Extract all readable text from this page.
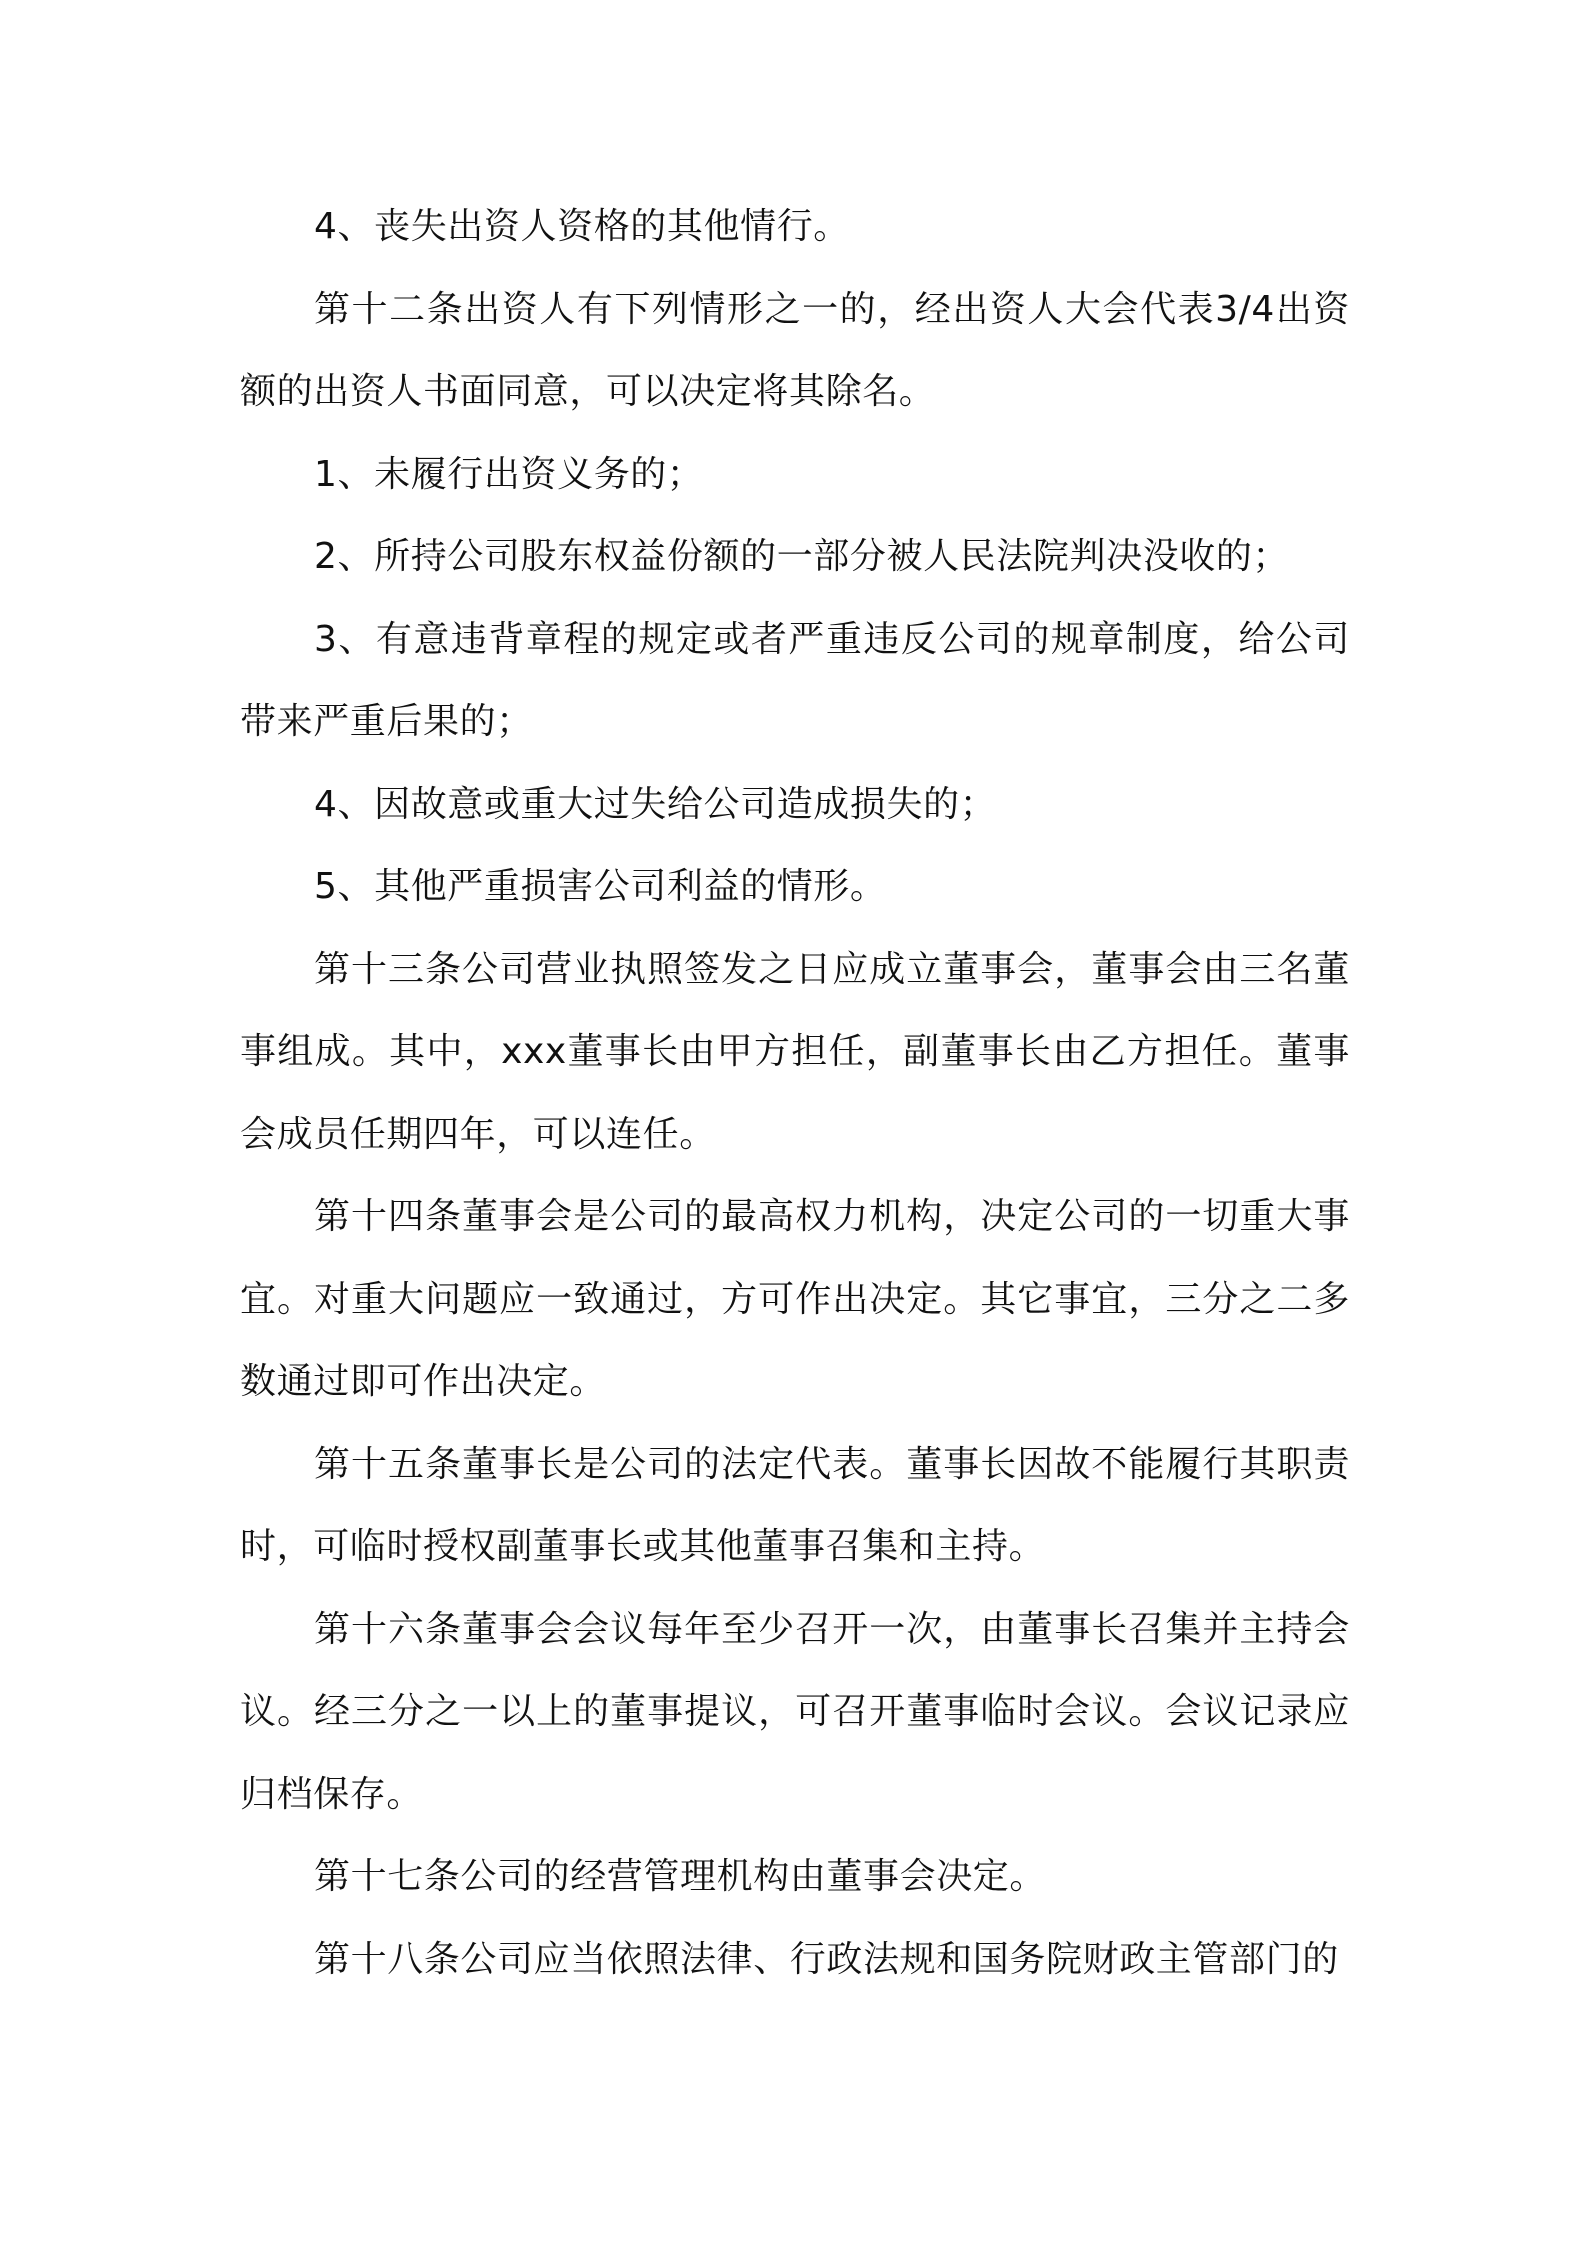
4、丧失出资人资格的其他情行。

第十二条出资人有下列情形之一的，经出资人大会代表3/4出资额的出资人书面同意，可以决定将其除名。

1、未履行出资义务的；

2、所持公司股东权益份额的一部分被人民法院判决没收的；

3、有意违背章程的规定或者严重违反公司的规章制度，给公司带来严重后果的；

4、因故意或重大过失给公司造成损失的；

5、其他严重损害公司利益的情形。

第十三条公司营业执照签发之日应成立董事会，董事会由三名董事组成。其中，xxx董事长由甲方担任，副董事长由乙方担任。董事会成员任期四年，可以连任。

第十四条董事会是公司的最高权力机构，决定公司的一切重大事宜。对重大问题应一致通过，方可作出决定。其它事宜，三分之二多数通过即可作出决定。

第十五条董事长是公司的法定代表。董事长因故不能履行其职责时，可临时授权副董事长或其他董事召集和主持。

第十六条董事会会议每年至少召开一次，由董事长召集并主持会议。经三分之一以上的董事提议，可召开董事临时会议。会议记录应归档保存。

第十七条公司的经营管理机构由董事会决定。

第十八条公司应当依照法律、行政法规和国务院财政主管部门的
